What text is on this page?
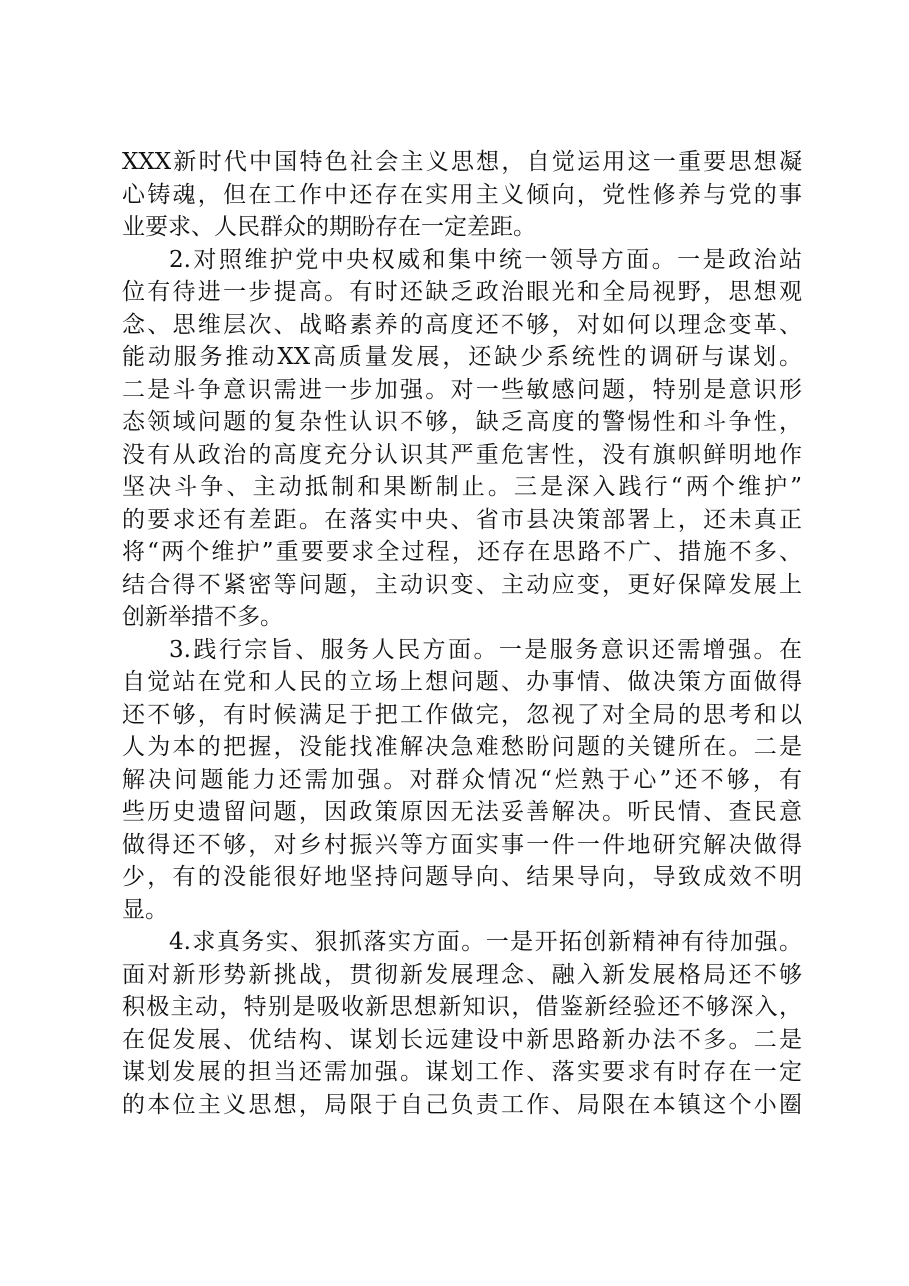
XXX新时代中国特色社会主义思想，自觉运用这一重要思想凝
心铸魂，但在工作中还存在实用主义倾向，党性修养与党的事
业要求、人民群众的期盼存在一定差距。
2.对照维护党中央权威和集中统一领导方面。一是政治站
位有待进一步提高。有时还缺乏政治眼光和全局视野，思想观
念、思维层次、战略素养的高度还不够，对如何以理念变革、
能动服务推动XX高质量发展，还缺少系统性的调研与谋划。
二是斗争意识需进一步加强。对一些敏感问题，特别是意识形
态领域问题的复杂性认识不够，缺乏高度的警惕性和斗争性，
没有从政治的高度充分认识其严重危害性，没有旗帜鲜明地作
坚决斗争、主动抵制和果断制止。三是深入践行“两个维护”
的要求还有差距。在落实中央、省市县决策部署上，还未真正
将“两个维护”重要要求全过程，还存在思路不广、措施不多、
结合得不紧密等问题，主动识变、主动应变，更好保障发展上
创新举措不多。
3.践行宗旨、服务人民方面。一是服务意识还需增强。在
自觉站在党和人民的立场上想问题、办事情、做决策方面做得
还不够，有时候满足于把工作做完，忽视了对全局的思考和以
人为本的把握，没能找准解决急难愁盼问题的关键所在。二是
解决问题能力还需加强。对群众情况“烂熟于心”还不够，有
些历史遗留问题，因政策原因无法妥善解决。听民情、查民意
做得还不够，对乡村振兴等方面实事一件一件地研究解决做得
少，有的没能很好地坚持问题导向、结果导向，导致成效不明
显。
4.求真务实、狠抓落实方面。一是开拓创新精神有待加强。
面对新形势新挑战，贯彻新发展理念、融入新发展格局还不够
积极主动，特别是吸收新思想新知识，借鉴新经验还不够深入，
在促发展、优结构、谋划长远建设中新思路新办法不多。二是
谋划发展的担当还需加强。谋划工作、落实要求有时存在一定
的本位主义思想，局限于自己负责工作、局限在本镇这个小圈
